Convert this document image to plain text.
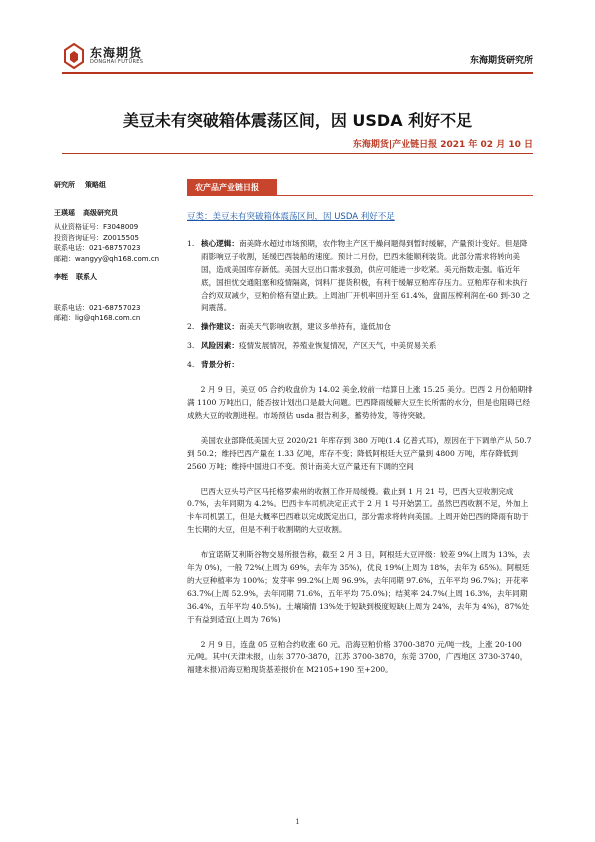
东海期货
DONGHAI FUTURES	东海期货研究所
美豆未有突破箱体震荡区间，因 USDA 利好不足
东海期货|产业链日报 2021 年 02 月 10 日
研究所 策略组
王瑛瑶 高级研究员
从业资格证号：F3048009
投资咨询证号：Z0015505
联系电话：021-68757023
邮箱：wangyy@qh168.com.cn
李轾 联系人
联系电话：021-68757023
邮箱：lig@qh168.com.cn
农产品产业链日报
豆类：美豆未有突破箱体震荡区间，因 USDA 利好不足
1. 核心逻辑：南美降水超过市场预期，农作物主产区干燥问题得到暂时缓解，产量预计变好。但是降雨影响豆子收割，延缓巴西装船的速度。预计二月份，巴西未能顺利装货。此部分需求将转向美国，造成美国库存新低。美国大豆出口需求强劲，供应可能进一步吃紧。美元指数走强。临近年底，国担忧交通阻塞和疫情隔离，饲料厂提货积极，有利于缓解豆粕库存压力。豆粕库存和未执行合约双双减少，豆粕价格有望止跌。上周油厂开机率回升至 61.4%，盘面压榨利润在-60 到-30 之间震荡。
2. 操作建议：南美天气影响收割，建议多单持有，逢低加仓
3. 风险因素：疫情发展情况，养殖业恢复情况，产区天气，中美贸易关系
4. 背景分析：

2 月 9 日，美豆 05 合约收盘价为 14.02 美金,较前一结算日上涨 15.25 美分。巴西 2 月份船期排满 1100 万吨出口，能否按计划出口是最大问题。巴西降雨缓解大豆生长所需的水分，但是也阻碍已经成熟大豆的收割进程。市场预估 usda 报告利多，蓄势待发，等待突破。

美国农业部降低美国大豆 2020/21 年库存到 380 万吨(1.4 亿普式耳)，原因在于下调单产从 50.7 到 50.2；维持巴西产量在 1.33 亿吨，库存不变；降低阿根廷大豆产量到 4800 万吨，库存降低到 2560 万吨；维持中国进口不变。预计南美大豆产量还有下调的空间

巴西大豆头号产区马托格罗索州的收割工作开局缓慢。截止到 1 月 21 号，巴西大豆收割完成 0.7%，去年同期为 4.2%。巴西卡车司机决定正式于 2 月 1 号开始罢工。虽然巴西收割不足，外加上卡车司机罢工，但是大概率巴西难以完成既定出口，部分需求将转向美国。上周开始巴西的降雨有助于生长期的大豆，但是不利于收割期的大豆收割。

布宜诺斯艾利斯谷物交易所报告称，截至 2 月 3 日，阿根廷大豆评级：较差 9%(上周为 13%，去年为 0%)，一般 72%(上周为 69%，去年为 35%)，优良 19%(上周为 18%，去年为 65%)。阿根廷的大豆种植率为 100%；发芽率 99.2%(上周 96.9%，去年同期 97.6%，五年平均 96.7%)；开花率 63.7%(上周 52.9%，去年同期 71.6%，五年平均 75.0%)；结荚率 24.7%(上周 16.3%，去年同期 36.4%，五年平均 40.5%)。土壤墒情 13%处于短缺到极度短缺(上周为 24%，去年为 4%)，87%处于有益到适宜(上周为 76%)

2 月 9 日，连盘 05 豆粕合约收涨 60 元。沿海豆粕价格 3700-3870 元/吨一线，上涨 20-100 元/吨。其中(天津未报，山东 3770-3870，江苏 3700-3870，东莞 3700，广西地区 3730-3740，福建未报)沿海豆粕现货基差报价在 M2105+190 至+200。

1
